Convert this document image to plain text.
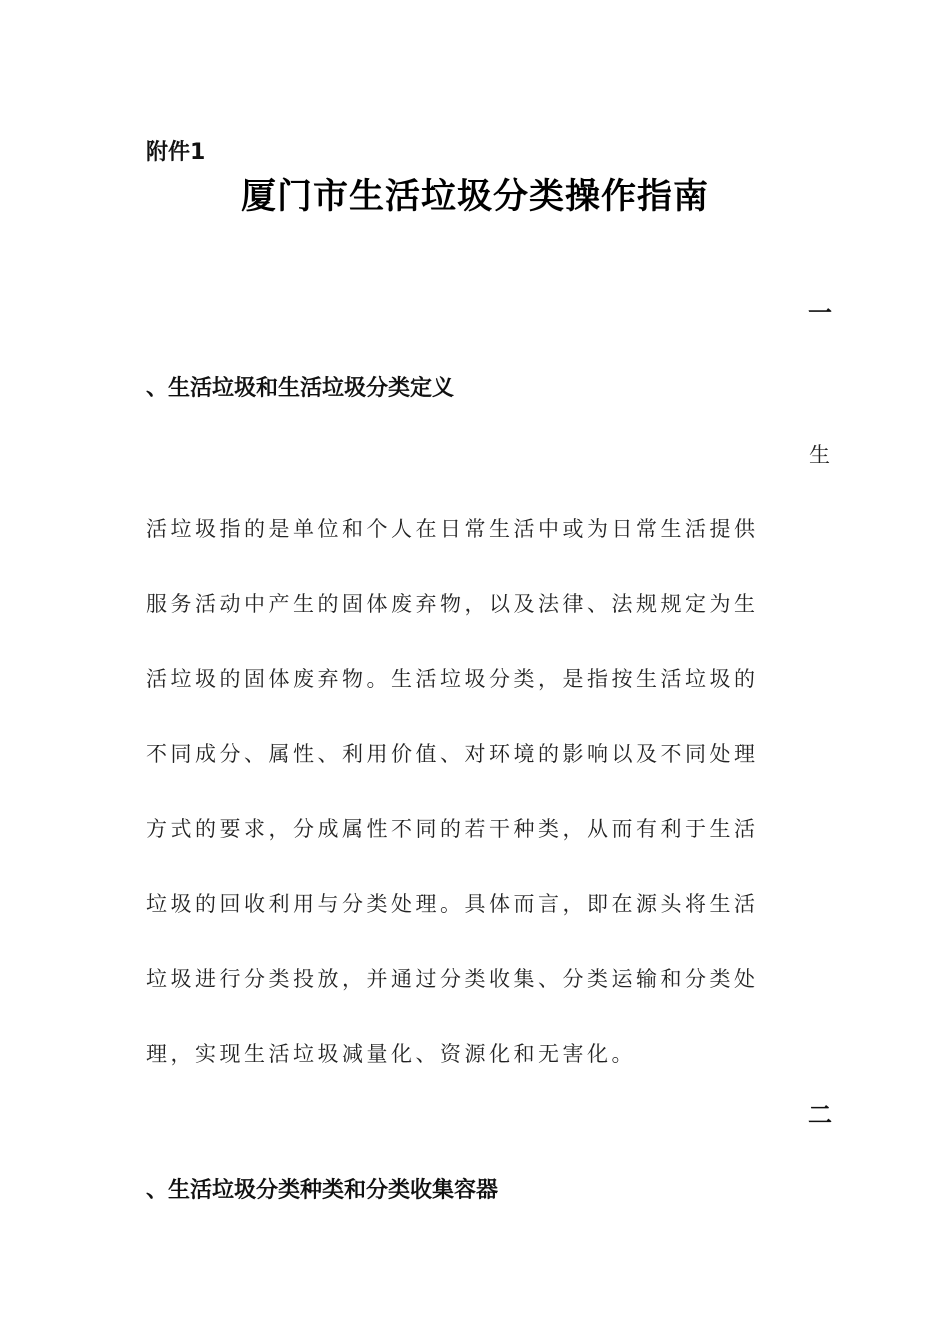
附件1
厦门市生活垃圾分类操作指南
一
、生活垃圾和生活垃圾分类定义
生
活垃圾指的是单位和个人在日常生活中或为日常生活提供
服务活动中产生的固体废弃物，以及法律、法规规定为生
活垃圾的固体废弃物。生活垃圾分类，是指按生活垃圾的
不同成分、属性、利用价值、对环境的影响以及不同处理
方式的要求，分成属性不同的若干种类，从而有利于生活
垃圾的回收利用与分类处理。具体而言，即在源头将生活
垃圾进行分类投放，并通过分类收集、分类运输和分类处
理，实现生活垃圾减量化、资源化和无害化。
二
、生活垃圾分类种类和分类收集容器
